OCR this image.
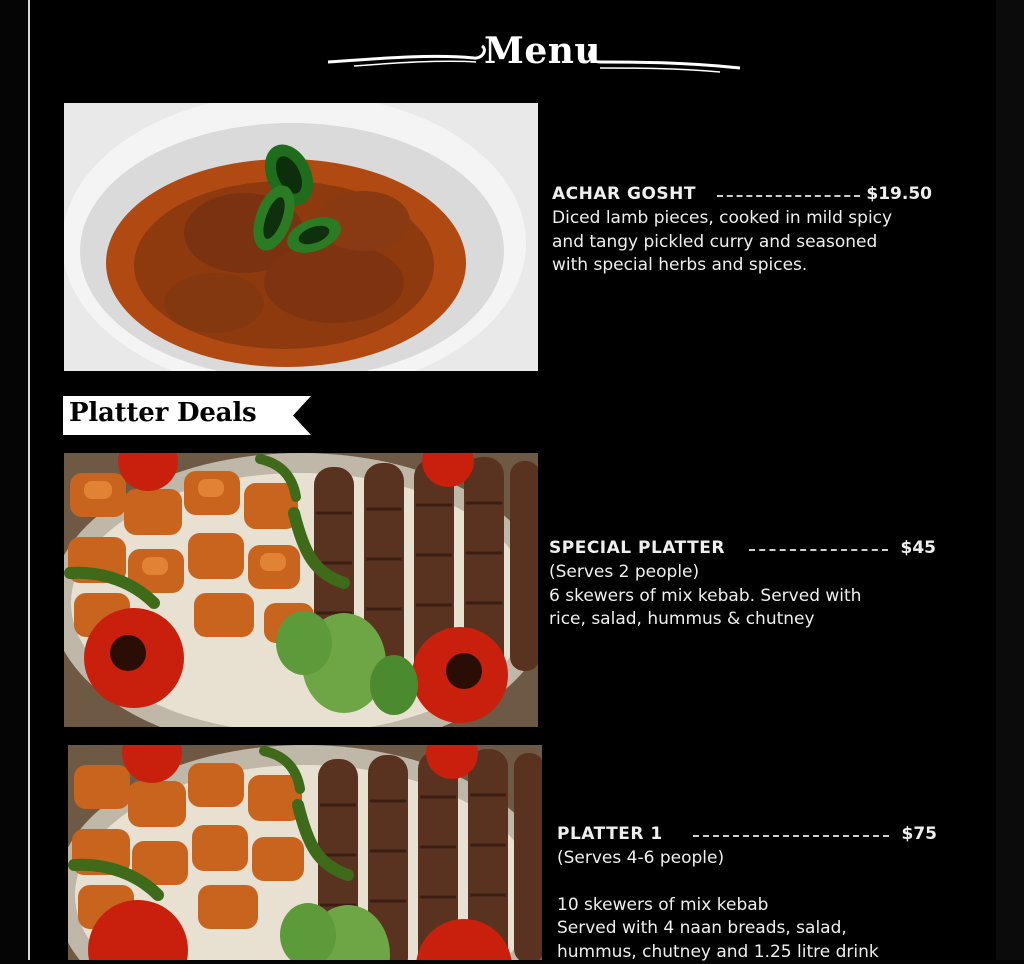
Menu
ACHAR GOSHT	$19.50
Diced lamb pieces, cooked in mild spicy
and tangy pickled curry and seasoned
with special herbs and spices.
Platter Deals
SPECIAL PLATTER	$45
(Serves 2 people)
6 skewers of mix kebab. Served with
rice, salad, hummus & chutney
PLATTER 1	$75
(Serves 4-6 people)
10 skewers of mix kebab
Served with 4 naan breads, salad,
hummus, chutney and 1.25 litre drink
